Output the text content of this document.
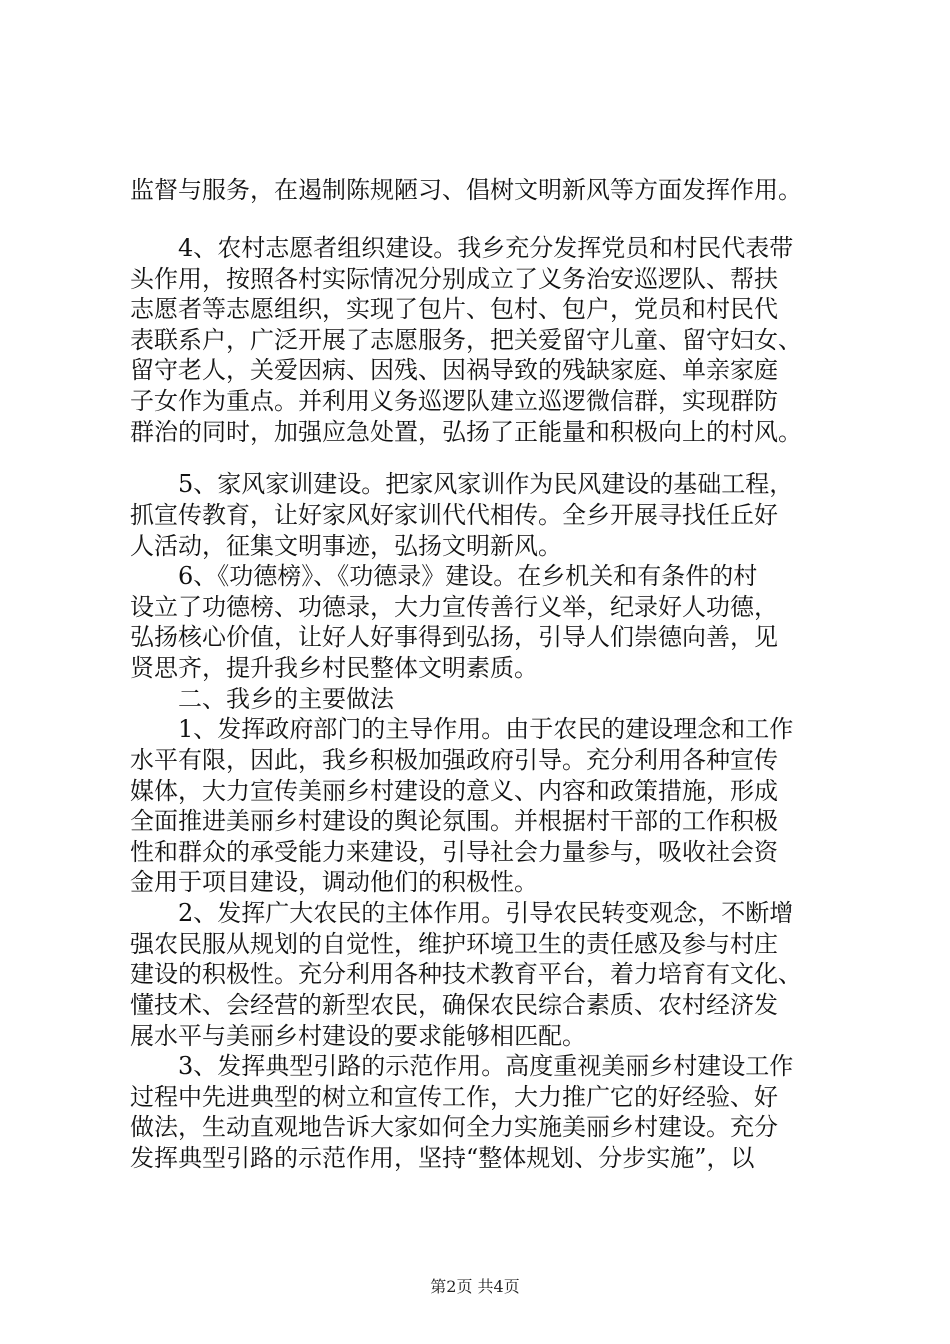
监督与服务，在遏制陈规陋习、倡树文明新风等方面发挥作用。
4、农村志愿者组织建设。我乡充分发挥党员和村民代表带
头作用，按照各村实际情况分别成立了义务治安巡逻队、帮扶
志愿者等志愿组织，实现了包片、包村、包户，党员和村民代
表联系户，广泛开展了志愿服务，把关爱留守儿童、留守妇女、
留守老人，关爱因病、因残、因祸导致的残缺家庭、单亲家庭
子女作为重点。并利用义务巡逻队建立巡逻微信群，实现群防
群治的同时，加强应急处置，弘扬了正能量和积极向上的村风。
5、家风家训建设。把家风家训作为民风建设的基础工程，
抓宣传教育，让好家风好家训代代相传。全乡开展寻找任丘好
人活动，征集文明事迹，弘扬文明新风。
6、《功德榜》、《功德录》建设。在乡机关和有条件的村
设立了功德榜、功德录，大力宣传善行义举，纪录好人功德，
弘扬核心价值，让好人好事得到弘扬，引导人们崇德向善，见
贤思齐，提升我乡村民整体文明素质。
二、我乡的主要做法
1、发挥政府部门的主导作用。由于农民的建设理念和工作
水平有限，因此，我乡积极加强政府引导。充分利用各种宣传
媒体，大力宣传美丽乡村建设的意义、内容和政策措施，形成
全面推进美丽乡村建设的舆论氛围。并根据村干部的工作积极
性和群众的承受能力来建设，引导社会力量参与，吸收社会资
金用于项目建设，调动他们的积极性。
2、发挥广大农民的主体作用。引导农民转变观念，不断增
强农民服从规划的自觉性，维护环境卫生的责任感及参与村庄
建设的积极性。充分利用各种技术教育平台，着力培育有文化、
懂技术、会经营的新型农民，确保农民综合素质、农村经济发
展水平与美丽乡村建设的要求能够相匹配。
3、发挥典型引路的示范作用。高度重视美丽乡村建设工作
过程中先进典型的树立和宣传工作，大力推广它的好经验、好
做法，生动直观地告诉大家如何全力实施美丽乡村建设。充分
发挥典型引路的示范作用，坚持“整体规划、分步实施”，以
第2页 共4页
